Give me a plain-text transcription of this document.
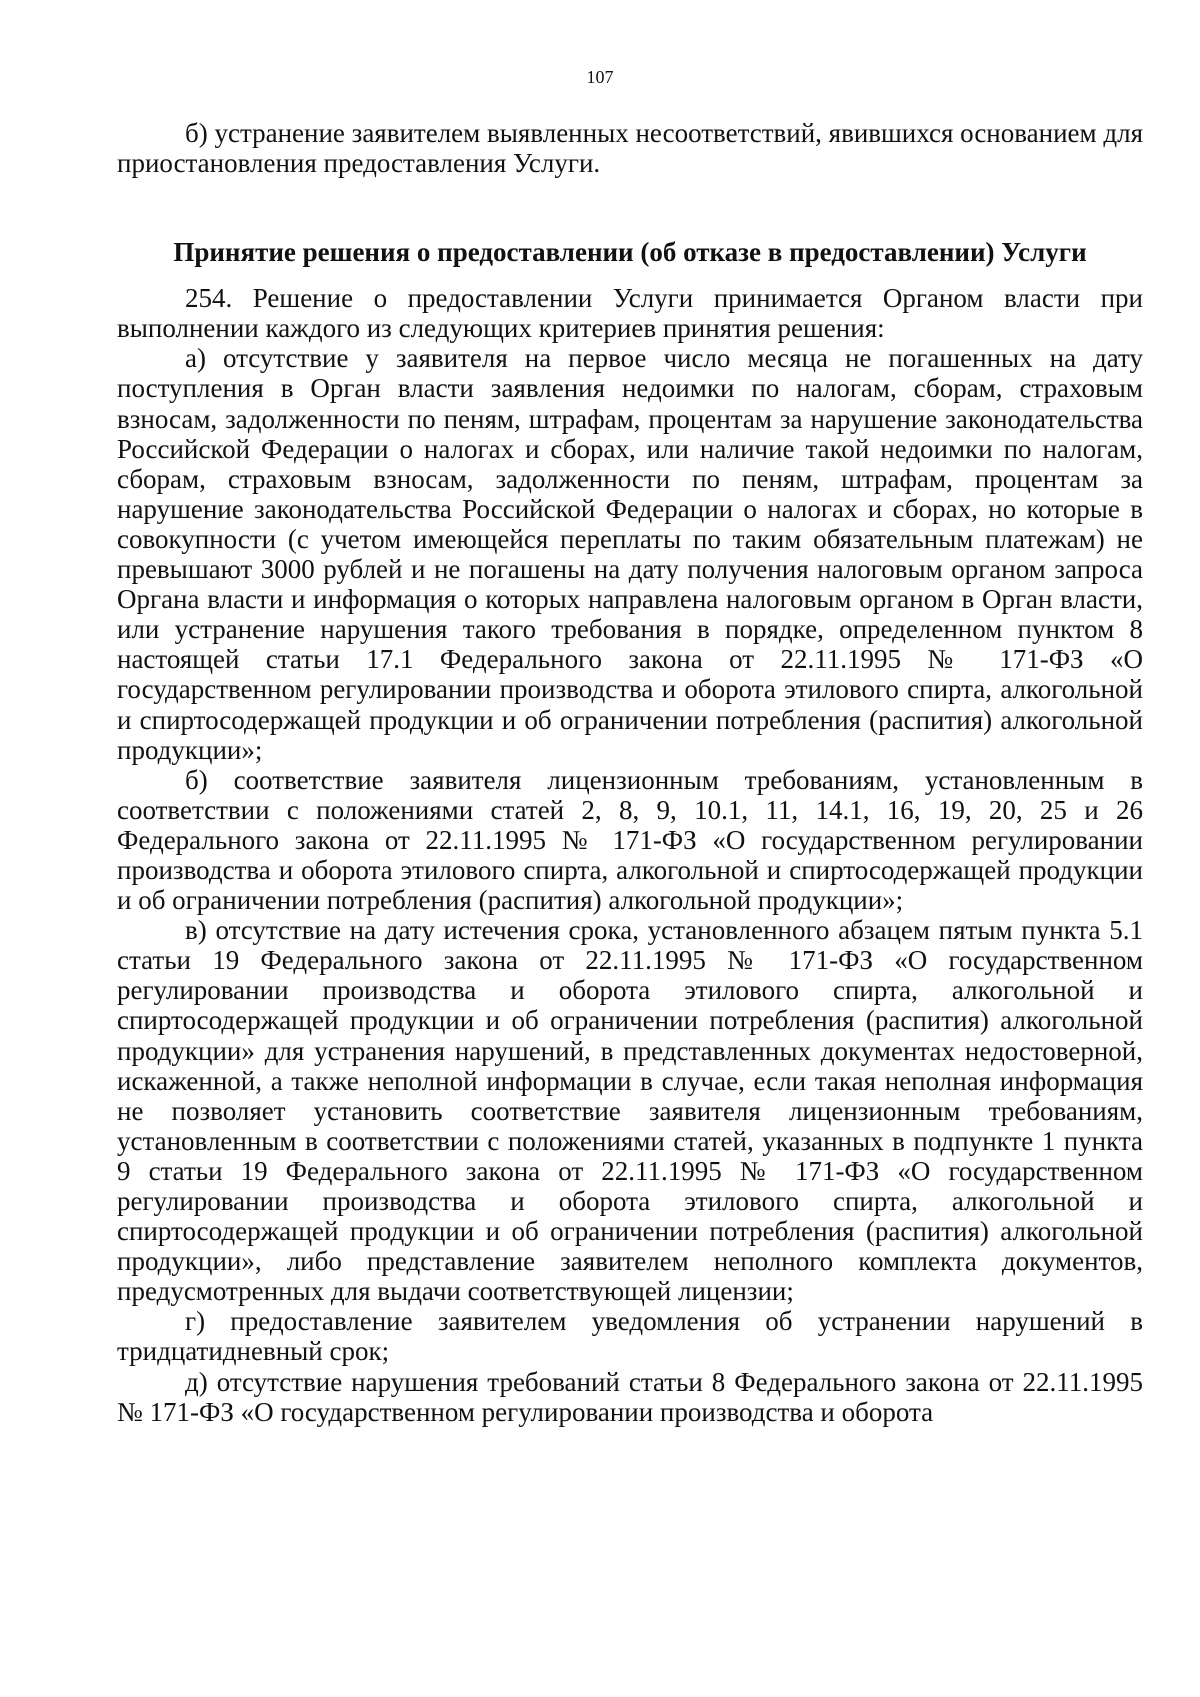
107

б) устранение заявителем выявленных несоответствий, явившихся основанием для приостановления предоставления Услуги.

Принятие решения о предоставлении (об отказе в предоставлении) Услуги

254. Решение о предоставлении Услуги принимается Органом власти при выполнении каждого из следующих критериев принятия решения:

а) отсутствие у заявителя на первое число месяца не погашенных на дату поступления в Орган власти заявления недоимки по налогам, сборам, страховым взносам, задолженности по пеням, штрафам, процентам за нарушение законодательства Российской Федерации о налогах и сборах, или наличие такой недоимки по налогам, сборам, страховым взносам, задолженности по пеням, штрафам, процентам за нарушение законодательства Российской Федерации о налогах и сборах, но которые в совокупности (с учетом имеющейся переплаты по таким обязательным платежам) не превышают 3000 рублей и не погашены на дату получения налоговым органом запроса Органа власти и информация о которых направлена налоговым органом в Орган власти, или устранение нарушения такого требования в порядке, определенном пунктом 8 настоящей статьи 17.1 Федерального закона от 22.11.1995 № 171-ФЗ «О государственном регулировании производства и оборота этилового спирта, алкогольной и спиртосодержащей продукции и об ограничении потребления (распития) алкогольной продукции»;

б) соответствие заявителя лицензионным требованиям, установленным в соответствии с положениями статей 2, 8, 9, 10.1, 11, 14.1, 16, 19, 20, 25 и 26 Федерального закона от 22.11.1995 № 171-ФЗ «О государственном регулировании производства и оборота этилового спирта, алкогольной и спиртосодержащей продукции и об ограничении потребления (распития) алкогольной продукции»;

в) отсутствие на дату истечения срока, установленного абзацем пятым пункта 5.1 статьи 19 Федерального закона от 22.11.1995 № 171-ФЗ «О государственном регулировании производства и оборота этилового спирта, алкогольной и спиртосодержащей продукции и об ограничении потребления (распития) алкогольной продукции» для устранения нарушений, в представленных документах недостоверной, искаженной, а также неполной информации в случае, если такая неполная информация не позволяет установить соответствие заявителя лицензионным требованиям, установленным в соответствии с положениями статей, указанных в подпункте 1 пункта 9 статьи 19 Федерального закона от 22.11.1995 № 171-ФЗ «О государственном регулировании производства и оборота этилового спирта, алкогольной и спиртосодержащей продукции и об ограничении потребления (распития) алкогольной продукции», либо представление заявителем неполного комплекта документов, предусмотренных для выдачи соответствующей лицензии;

г) предоставление заявителем уведомления об устранении нарушений в тридцатидневный срок;

д) отсутствие нарушения требований статьи 8 Федерального закона от 22.11.1995 № 171-ФЗ «О государственном регулировании производства и оборота
